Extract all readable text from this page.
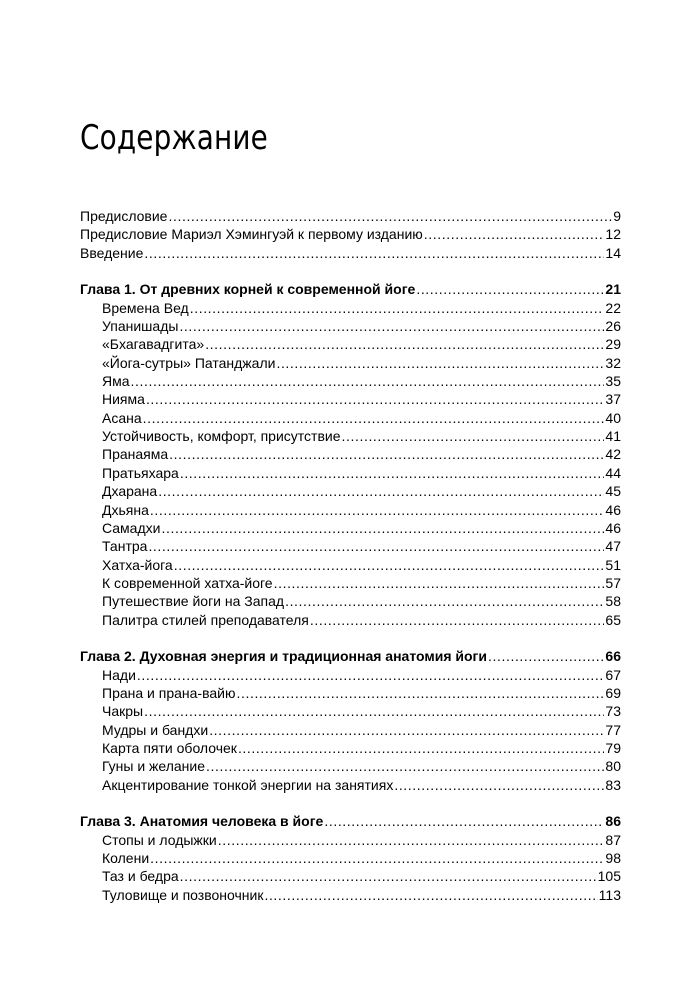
Содержание
Предисловие .....	9
Предисловие Мариэл Хэмингуэй к первому изданию .....	12
Введение .....	14
Глава 1. От древних корней к современной йоге .....	21
Времена Вед .....	22
Упанишады .....	26
«Бхагавадгита» .....	29
«Йога-сутры» Патанджали .....	32
Яма .....	35
Нияма .....	37
Асана .....	40
Устойчивость, комфорт, присутствие .....	41
Пранаяма .....	42
Пратьяхара .....	44
Дхарана .....	45
Дхьяна .....	46
Самадхи .....	46
Тантра .....	47
Хатха-йога .....	51
К современной хатха-йоге .....	57
Путешествие йоги на Запад .....	58
Палитра стилей преподавателя .....	65
Глава 2. Духовная энергия и традиционная анатомия йоги .....	66
Нади .....	67
Прана и прана-вайю .....	69
Чакры .....	73
Мудры и бандхи .....	77
Карта пяти оболочек .....	79
Гуны и желание .....	80
Акцентирование тонкой энергии на занятиях .....	83
Глава 3. Анатомия человека в йоге .....	86
Стопы и лодыжки .....	87
Колени .....	98
Таз и бедра .....	105
Туловище и позвоночник .....	113
